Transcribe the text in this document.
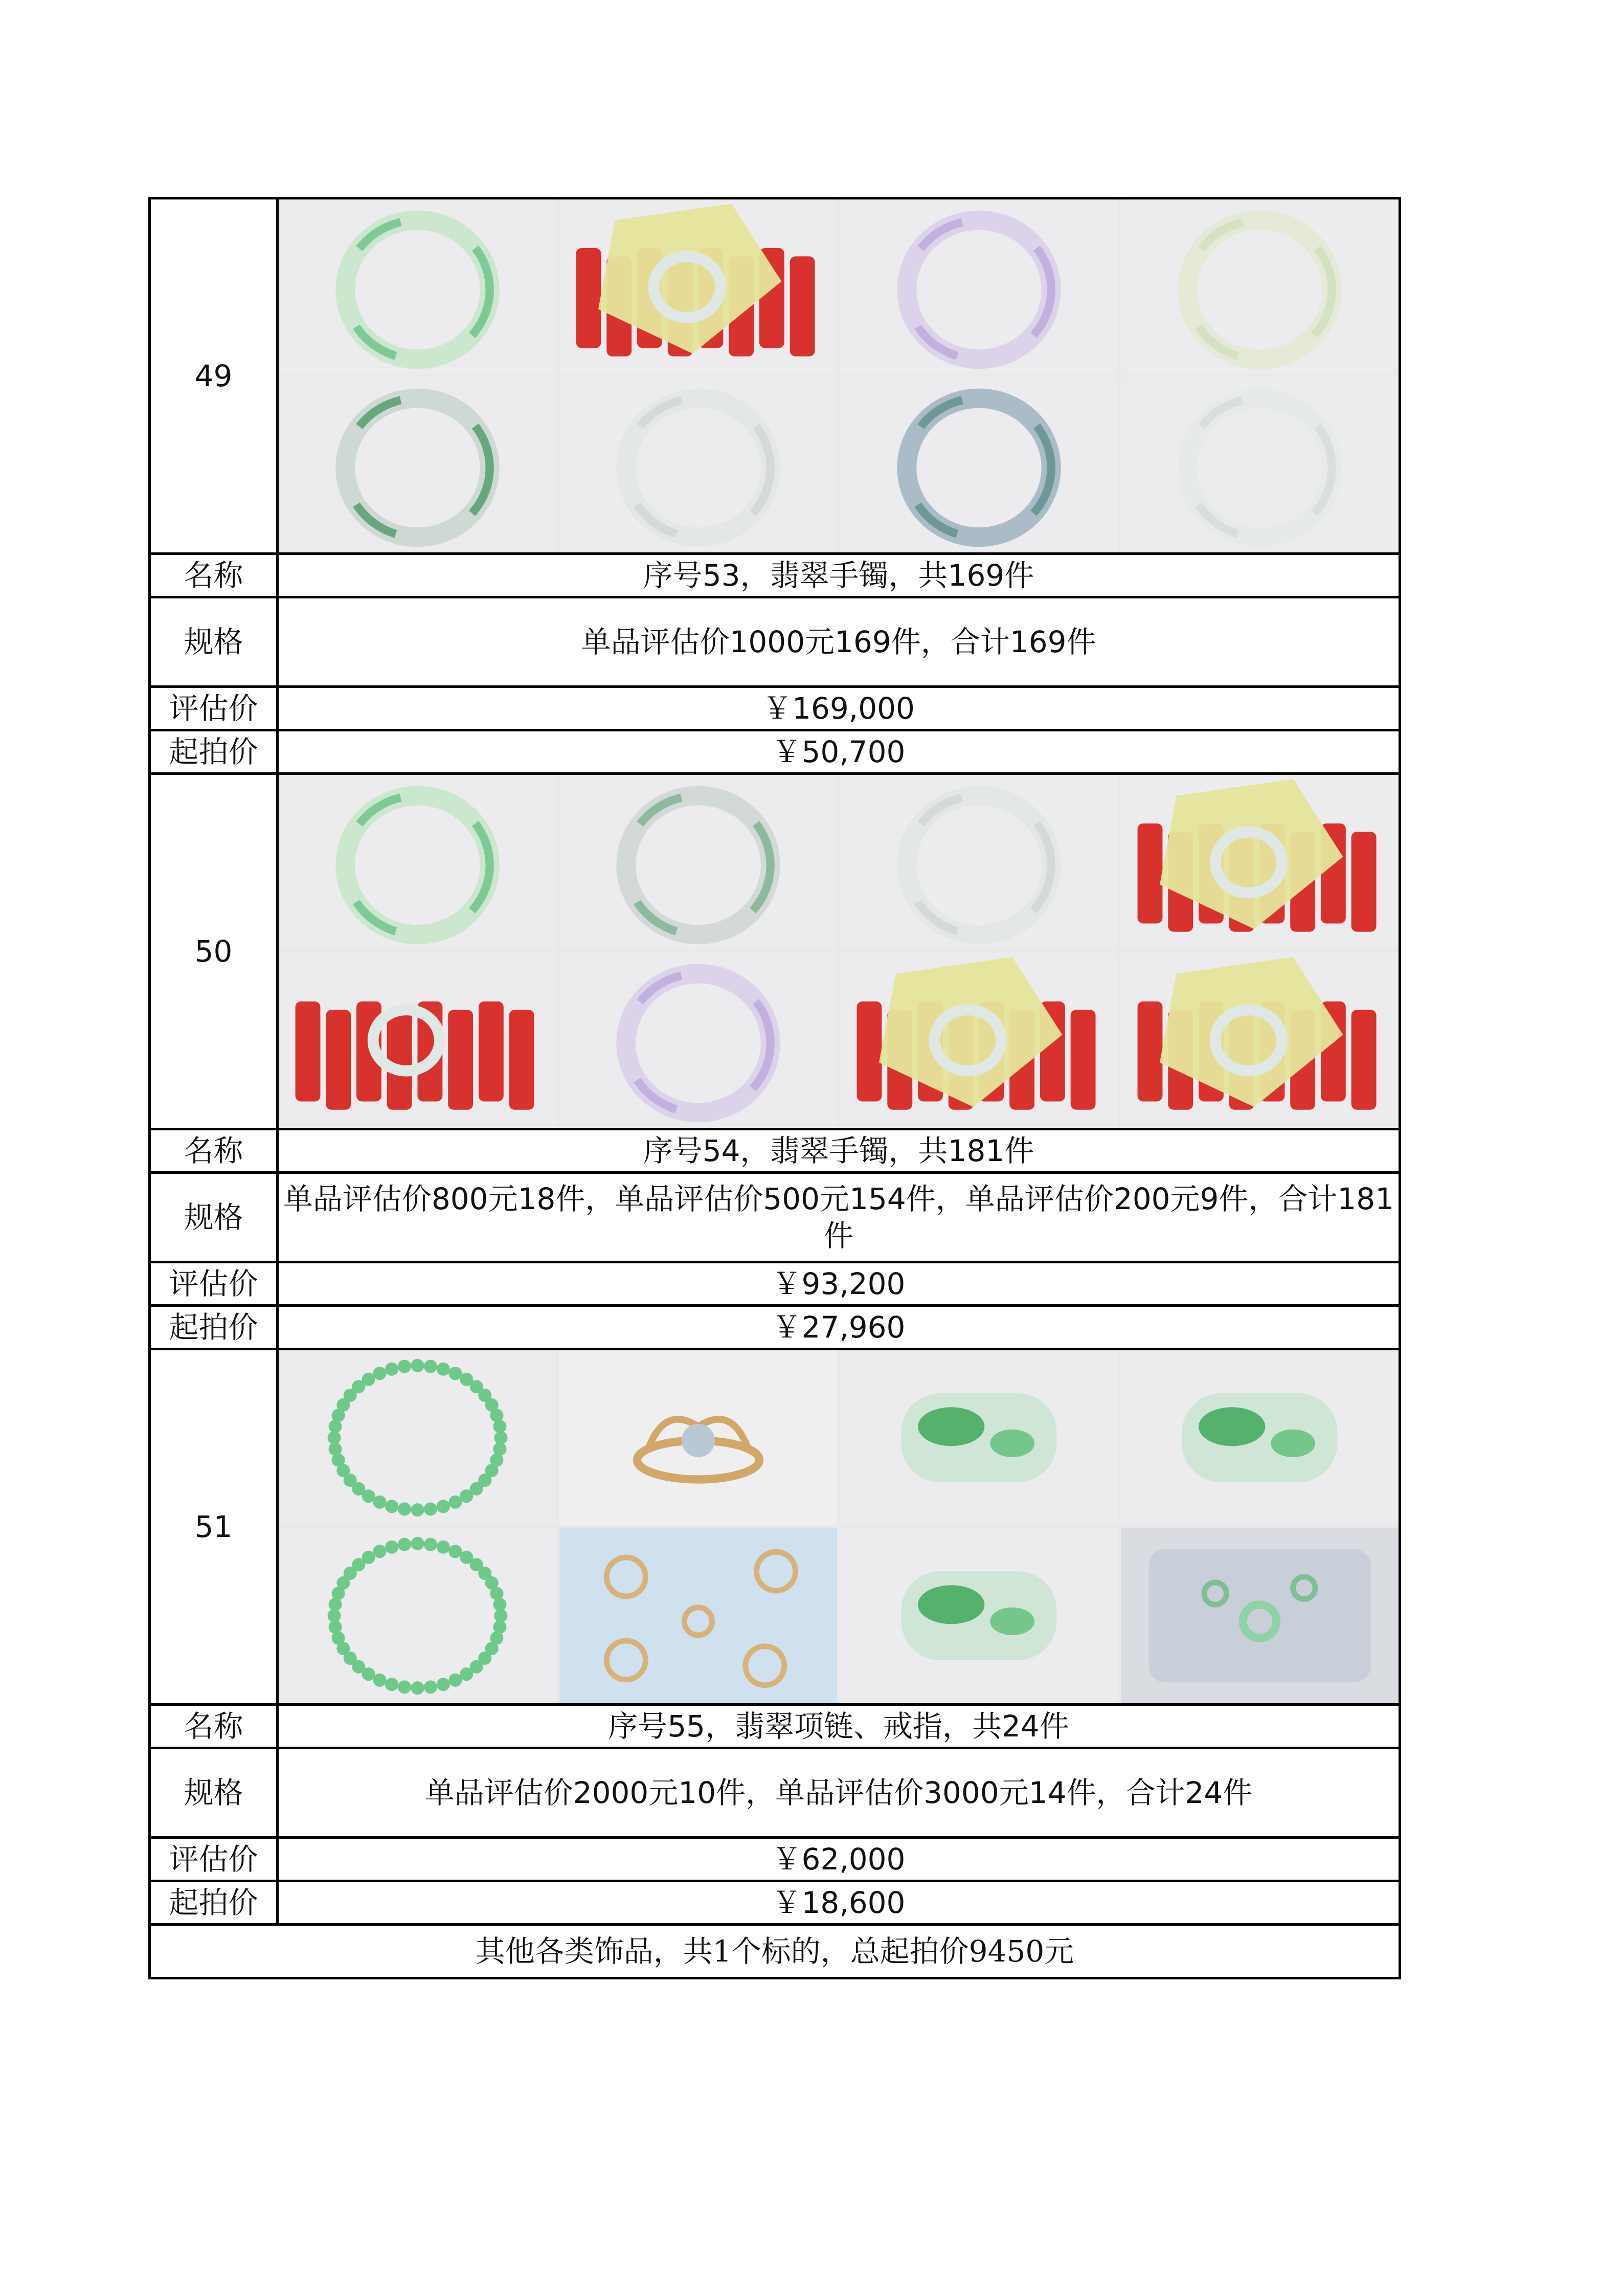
49	

名称	序号53，翡翠手镯，共169件
规格	单品评估价1000元169件，合计169件
评估价	￥169,000
起拍价	￥50,700
50	

名称	序号54，翡翠手镯，共181件
规格	单品评估价800元18件，单品评估价500元154件，单品评估价200元9件，合计181件
评估价	￥93,200
起拍价	￥27,960
51	

名称	序号55，翡翠项链、戒指，共24件
规格	单品评估价2000元10件，单品评估价3000元14件，合计24件
评估价	￥62,000
起拍价	￥18,600
其他各类饰品，共1个标的，总起拍价9450元	
